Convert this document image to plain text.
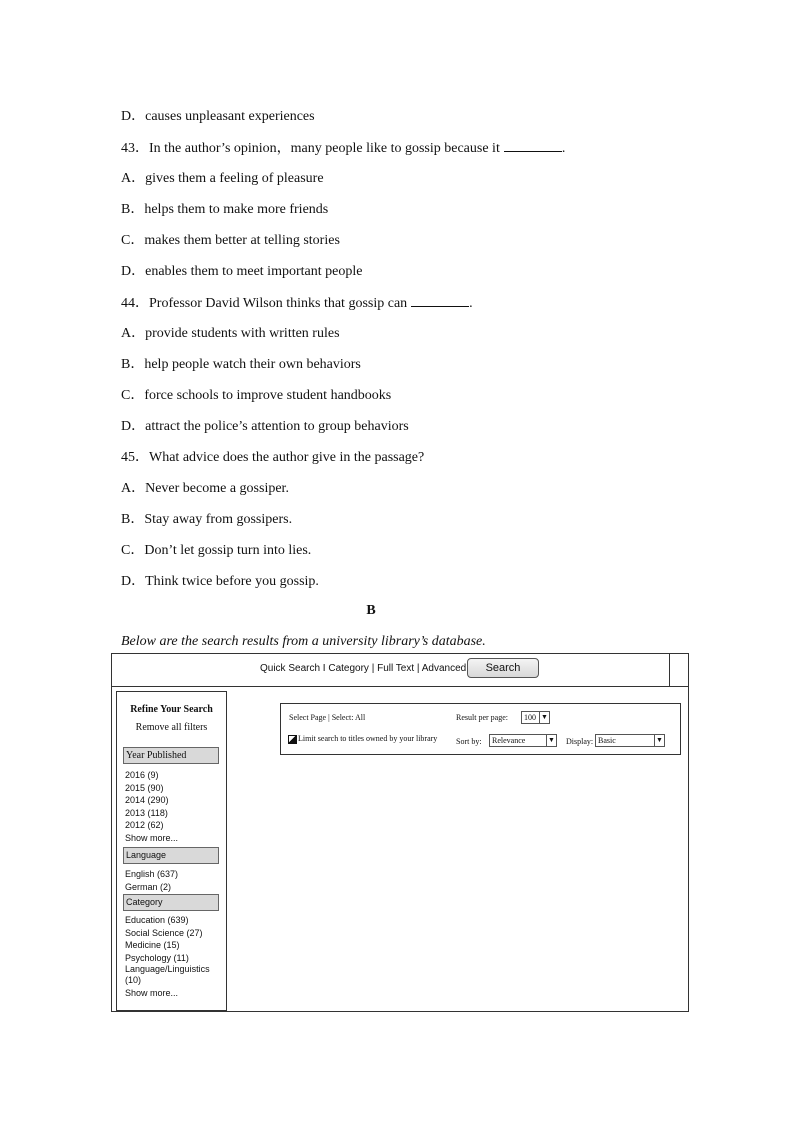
D．causes unpleasant experiences
43．In the author’s opinion，many people like to gossip because it	.
A．gives them a feeling of pleasure
B．helps them to make more friends
C．makes them better at telling stories
D．enables them to meet important people
44．Professor David Wilson thinks that gossip can	.
A．provide students with written rules
B．help people watch their own behaviors
C．force schools to improve student handbooks
D．attract the police’s attention to group behaviors
45．What advice does the author give in the passage?
A．Never become a gossiper.
B．Stay away from gossipers.
C．Don’t let gossip turn into lies.
D．Think twice before you gossip.
B
Below are the search results from a university library’s database.
Quick Search I Category | Full Text | Advanced	Search
Refine Your Search
Remove all filters
Year Published
2016 (9)
2015 (90)
2014 (290)
2013 (118)
2012 (62)
Show more...
Language
English (637)
German (2)
Category
Education (639)
Social Science (27)
Medicine (15)
Psychology (11)
Language/Linguistics (10)
Show more...
Select Page | Select: All	Result per page:	100 ▼
Limit search to titles owned by your library Sort by:	Relevance	▼ Display: Basic	▼
